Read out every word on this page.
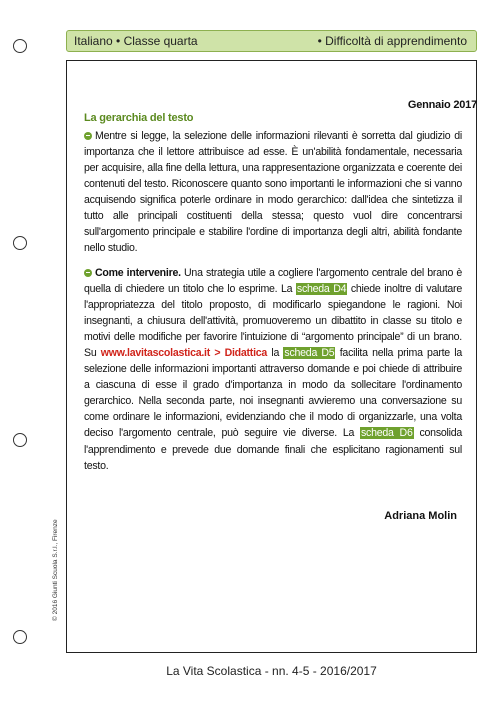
Italiano • Classe quarta	• Difficoltà di apprendimento
Gennaio 2017
La gerarchia del testo
Mentre si legge, la selezione delle informazioni rilevanti è sorretta dal giudizio di importanza che il lettore attribuisce ad esse. È un'abilità fondamentale, necessaria per acquisire, alla fine della lettura, una rappresentazione organizzata e coerente dei contenuti del testo. Riconoscere quanto sono importanti le informazioni che si vanno acquisendo significa poterle ordinare in modo gerarchico: dall'idea che sintetizza il tutto alle principali costituenti della stessa; questo vuol dire concentrarsi sull'argomento principale e stabilire l'ordine di importanza degli altri, abilità fondante nello studio.
Come intervenire. Una strategia utile a cogliere l'argomento centrale del brano è quella di chiedere un titolo che lo esprime. La scheda D4 chiede inoltre di valutare l'appropriatezza del titolo proposto, di modificarlo spiegandone le ragioni. Noi insegnanti, a chiusura dell'attività, promuoveremo un dibattito in classe su titolo e motivi delle modifiche per favorire l'intuizione di “argomento principale” di un brano. Su www.lavitascolastica.it > Didattica la scheda D5 facilita nella prima parte la selezione delle informazioni importanti attraverso domande e poi chiede di attribuire a ciascuna di esse il grado d'importanza in modo da sollecitare l'ordinamento gerarchico. Nella seconda parte, noi insegnanti avvieremo una conversazione su come ordinare le informazioni, evidenziando che il modo di organizzarle, una volta deciso l'argomento centrale, può seguire vie diverse. La scheda D6 consolida l'apprendimento e prevede due domande finali che esplicitano ragionamenti sul testo.
Adriana Molin
© 2016 Giunti Scuola S.r.l., Firenze
La Vita Scolastica - nn. 4-5 - 2016/2017
